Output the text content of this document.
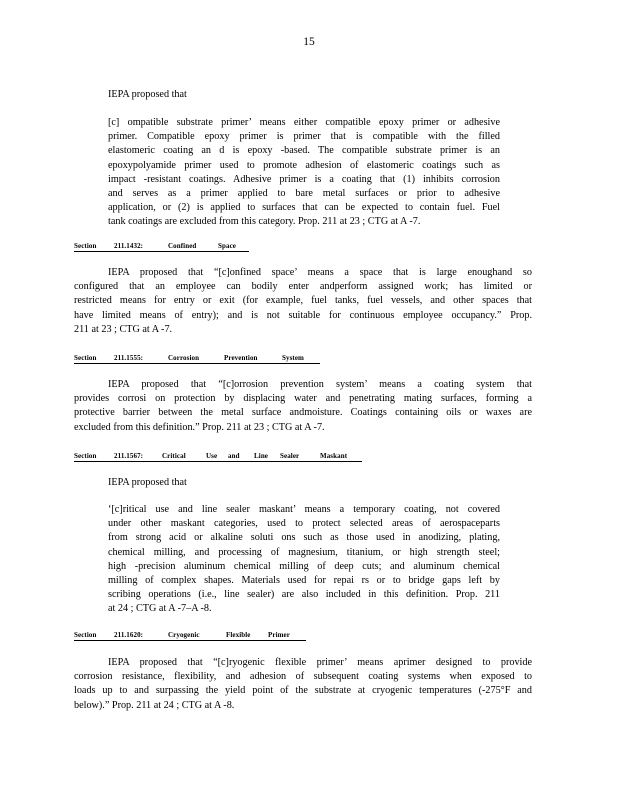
15
IEPA proposed that
[c] ompatible substrate primer’ means either compatible epoxy primer or adhesive
primer. Compatible epoxy primer is primer that is compatible with the filled
elastomeric coating an d is epoxy -based. The compatible substrate primer is an
epoxypolyamide primer used to promote adhesion of elastomeric coatings such as
impact -resistant coatings. Adhesive primer is a coating that (1) inhibits corrosion
and serves as a primer applied to bare metal surfaces or prior to adhesive
application, or (2) is applied to surfaces that can be expected to contain fuel. Fuel
tank coatings are excluded from this category. Prop. 211 at 23 ; CTG at A -7.
Section	211.1432:	Confined	Space
IEPA proposed that “[c]onfined space’ means a space that is large enoughand so
configured that an employee can bodily enter andperform assigned work; has limited or
restricted means for entry or exit (for example, fuel tanks, fuel vessels, and other spaces that
have limited means of entry); and is not suitable for continuous employee occupancy.” Prop.
211 at 23 ; CTG at A -7.
Section	211.1555:	Corrosion	Prevention	System
IEPA proposed that “[c]orrosion prevention system’ means a coating system that
provides corrosi on protection by displacing water and penetrating mating surfaces, forming a
protective barrier between the metal surface andmoisture. Coatings containing oils or waxes are
excluded from this definition.” Prop. 211 at 23 ; CTG at A -7.
Section	211.1567:	Critical	Use and Line Sealer	Maskant
IEPA proposed that
‘[c]ritical use and line sealer maskant’ means a temporary coating, not covered
under other maskant categories, used to protect selected areas of aerospaceparts
from strong acid or alkaline soluti ons such as those used in anodizing, plating,
chemical milling, and processing of magnesium, titanium, or high strength steel;
high -precision aluminum chemical milling of deep cuts; and aluminum chemical
milling of complex shapes. Materials used for repai rs or to bridge gaps left by
scribing operations (i.e., line sealer) are also included in this definition. Prop. 211
at 24 ; CTG at A -7–A -8.
Section	211.1620:	Cryogenic	Flexible Primer
IEPA proposed that “[c]ryogenic flexible primer’ means aprimer designed to provide
corrosion resistance, flexibility, and adhesion of subsequent coating systems when exposed to
loads up to and surpassing the yield point of the substrate at cryogenic temperatures (-275°F and
below).” Prop. 211 at 24 ; CTG at A -8.
